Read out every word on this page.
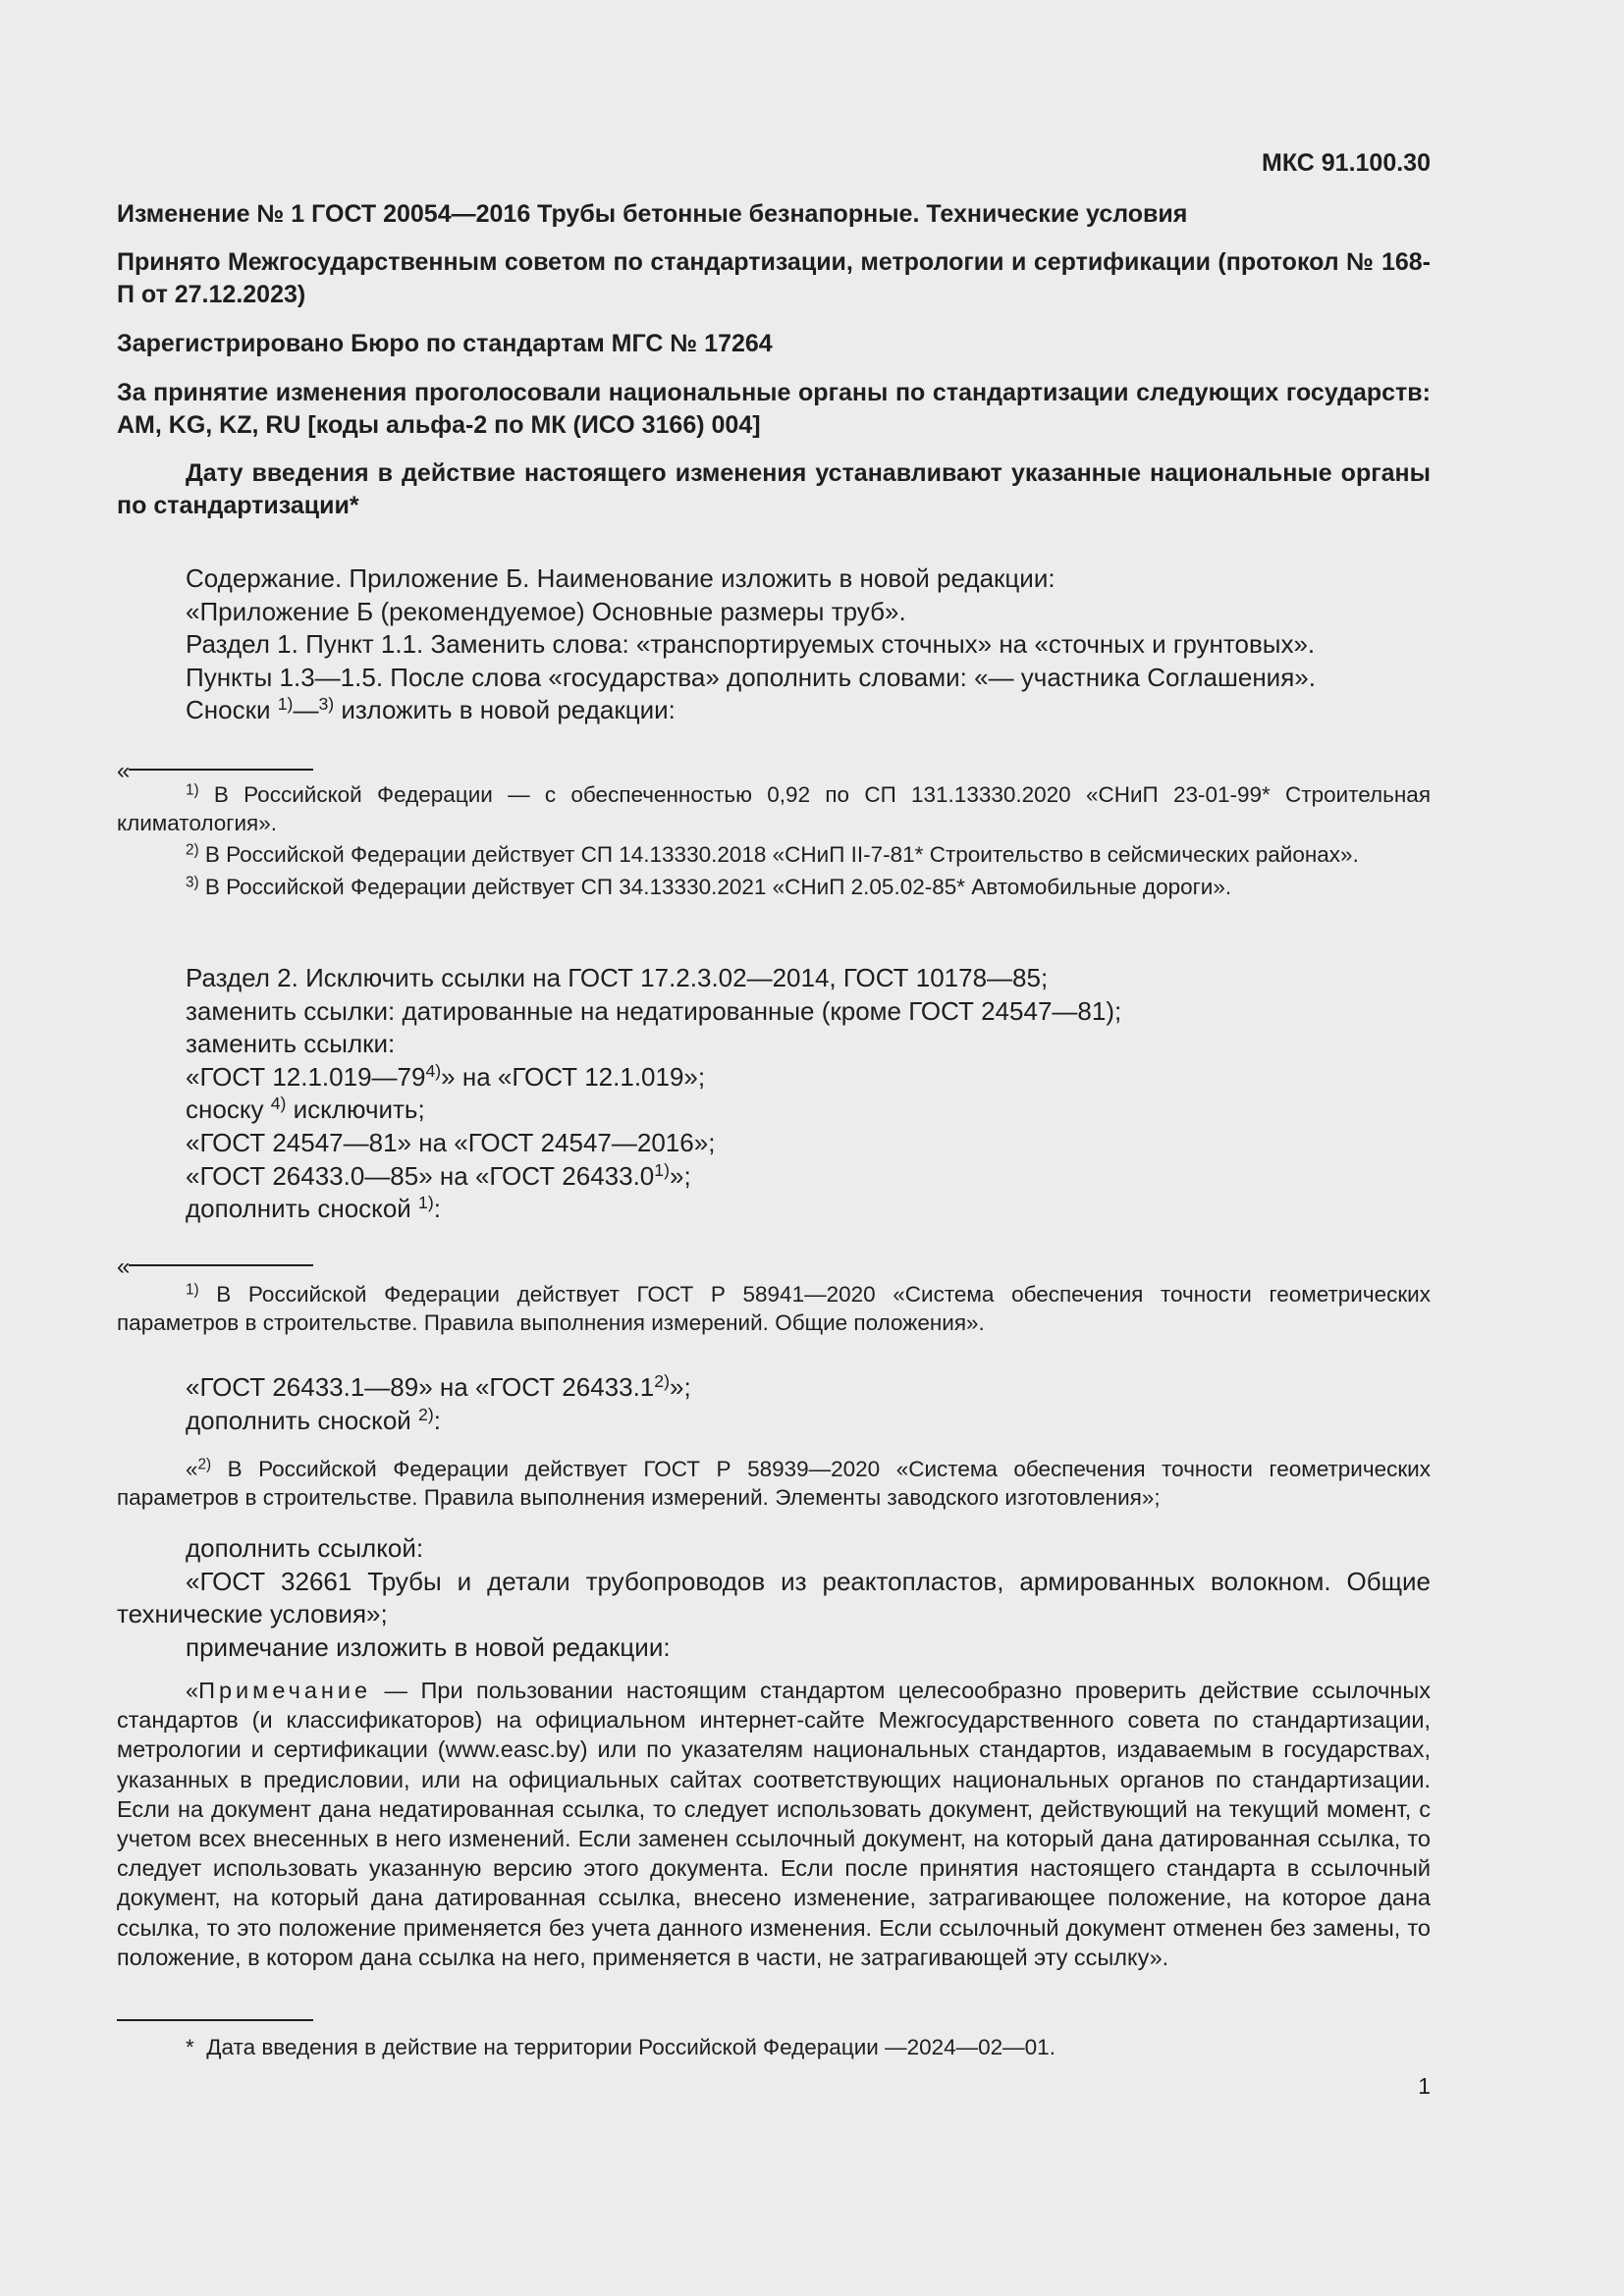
МКС 91.100.30
Изменение № 1 ГОСТ 20054—2016 Трубы бетонные безнапорные. Технические условия
Принято Межгосударственным советом по стандартизации, метрологии и сертификации (протокол № 168-П от 27.12.2023)
Зарегистрировано Бюро по стандартам МГС № 17264
За принятие изменения проголосовали национальные органы по стандартизации следующих государств: AM, KG, KZ, RU [коды альфа-2 по МК (ИСО 3166) 004]
Дату введения в действие настоящего изменения устанавливают указанные национальные органы по стандартизации*

Содержание. Приложение Б. Наименование изложить в новой редакции:

«Приложение Б (рекомендуемое) Основные размеры труб».

Раздел 1. Пункт 1.1. Заменить слова: «транспортируемых сточных» на «сточных и грунтовых».

Пункты 1.3—1.5. После слова «государства» дополнить словами: «— участника Соглашения».

Сноски $^{1)}$—$^{3)}$ изложить в новой редакции:

«

$^{1)}$ В Российской Федерации — с обеспеченностью 0,92 по СП 131.13330.2020 «СНиП 23-01-99* Строительная климатология».

$^{2)}$ В Российской Федерации действует СП 14.13330.2018 «СНиП II-7-81* Строительство в сейсмических районах».

$^{3)}$ В Российской Федерации действует СП 34.13330.2021 «СНиП 2.05.02-85* Автомобильные дороги».

Раздел 2. Исключить ссылки на ГОСТ 17.2.3.02—2014, ГОСТ 10178—85;

заменить ссылки: датированные на недатированные (кроме ГОСТ 24547—81);

заменить ссылки:

«ГОСТ 12.1.019—79$^{4)}$» на «ГОСТ 12.1.019»;

сноску $^{4)}$ исключить;

«ГОСТ 24547—81» на «ГОСТ 24547—2016»;

«ГОСТ 26433.0—85» на «ГОСТ 26433.0$^{1)}$»;

дополнить сноской $^{1)}$:

«

$^{1)}$ В Российской Федерации действует ГОСТ Р 58941—2020 «Система обеспечения точности геометрических параметров в строительстве. Правила выполнения измерений. Общие положения».

«ГОСТ 26433.1—89» на «ГОСТ 26433.1$^{2)}$»;

дополнить сноской $^{2)}$:

«$^{2)}$ В Российской Федерации действует ГОСТ Р 58939—2020 «Система обеспечения точности геометрических параметров в строительстве. Правила выполнения измерений. Элементы заводского изготовления»;

дополнить ссылкой:

«ГОСТ 32661 Трубы и детали трубопроводов из реактопластов, армированных волокном. Общие технические условия»;

примечание изложить в новой редакции:

«Примечание — При пользовании настоящим стандартом целесообразно проверить действие ссылочных стандартов (и классификаторов) на официальном интернет-сайте Межгосударственного совета по стандартизации, метрологии и сертификации (www.easc.by) или по указателям национальных стандартов, издаваемым в государствах, указанных в предисловии, или на официальных сайтах соответствующих национальных органов по стандартизации. Если на документ дана недатированная ссылка, то следует использовать документ, действующий на текущий момент, с учетом всех внесенных в него изменений. Если заменен ссылочный документ, на который дана датированная ссылка, то следует использовать указанную версию этого документа. Если после принятия настоящего стандарта в ссылочный документ, на который дана датированная ссылка, внесено изменение, затрагивающее положение, на которое дана ссылка, то это положение применяется без учета данного изменения. Если ссылочный документ отменен без замены, то положение, в котором дана ссылка на него, применяется в части, не затрагивающей эту ссылку».
* Дата введения в действие на территории Российской Федерации —2024—02—01.
1
